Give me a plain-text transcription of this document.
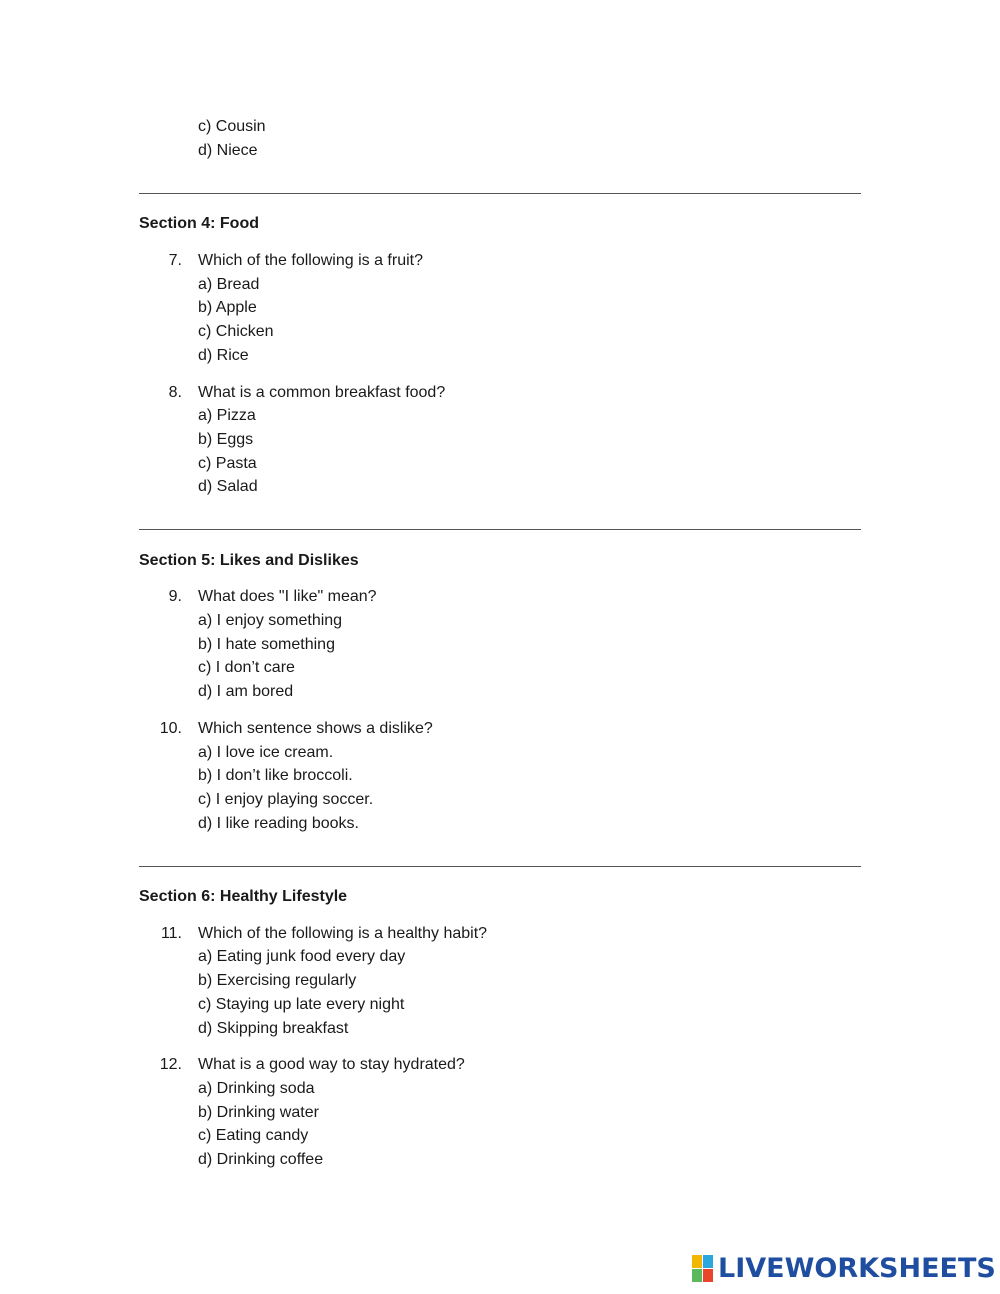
c) Cousin
d) Niece
Section 4: Food
7. Which of the following is a fruit?
a) Bread
b) Apple
c) Chicken
d) Rice
8. What is a common breakfast food?
a) Pizza
b) Eggs
c) Pasta
d) Salad
Section 5: Likes and Dislikes
9. What does "I like" mean?
a) I enjoy something
b) I hate something
c) I don’t care
d) I am bored
10. Which sentence shows a dislike?
a) I love ice cream.
b) I don’t like broccoli.
c) I enjoy playing soccer.
d) I like reading books.
Section 6: Healthy Lifestyle
11. Which of the following is a healthy habit?
a) Eating junk food every day
b) Exercising regularly
c) Staying up late every night
d) Skipping breakfast
12. What is a good way to stay hydrated?
a) Drinking soda
b) Drinking water
c) Eating candy
d) Drinking coffee
LIVEWORKSHEETS
